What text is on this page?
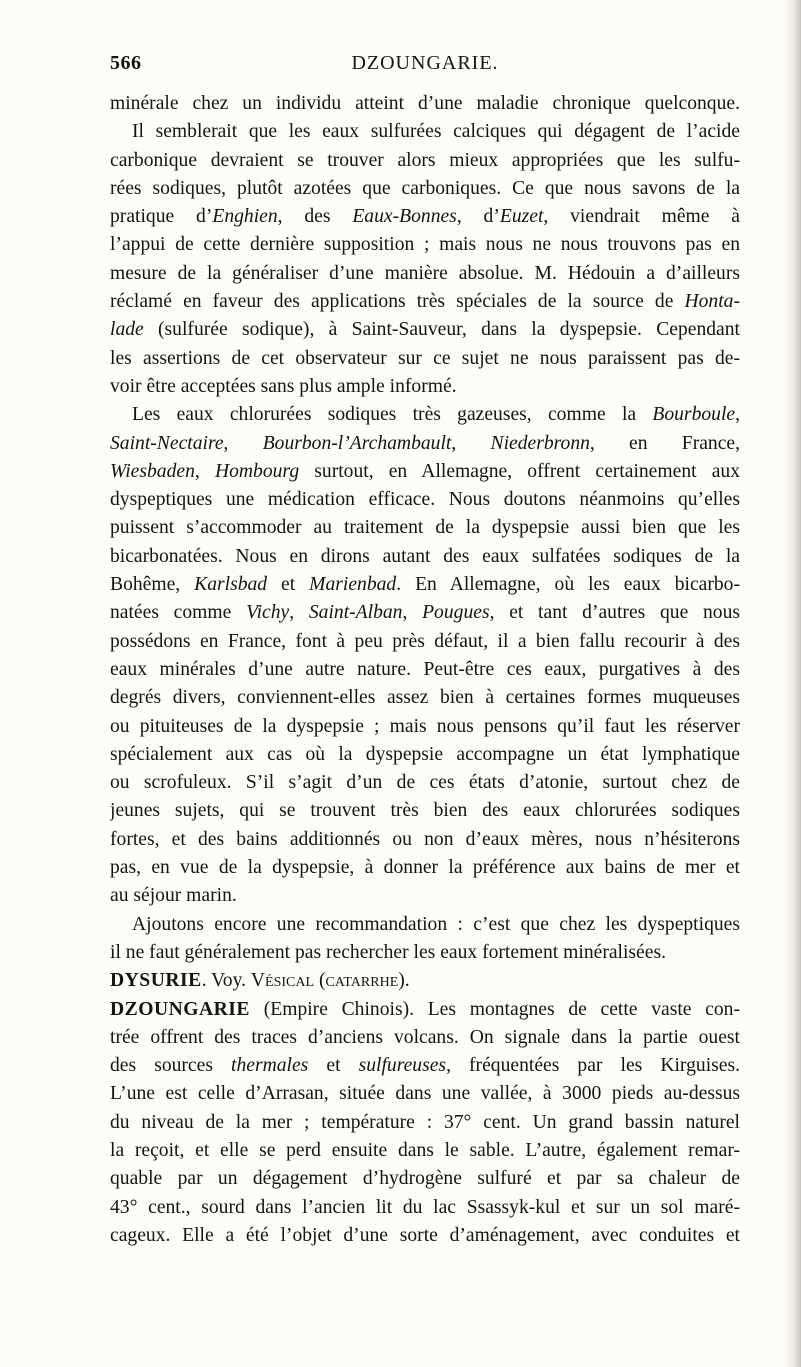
566	DZOUNGARIE.
minérale chez un individu atteint d’une maladie chronique quelconque.
Il semblerait que les eaux sulfurées calciques qui dégagent de l’acide
carbonique devraient se trouver alors mieux appropriées que les sulfu-
rées sodiques, plutôt azotées que carboniques. Ce que nous savons de la
pratique d’Enghien, des Eaux-Bonnes, d’Euzet, viendrait même à
l’appui de cette dernière supposition ; mais nous ne nous trouvons pas en
mesure de la généraliser d’une manière absolue. M. Hédouin a d’ailleurs
réclamé en faveur des applications très spéciales de la source de Honta-
lade (sulfurée sodique), à Saint-Sauveur, dans la dyspepsie. Cependant
les assertions de cet observateur sur ce sujet ne nous paraissent pas de-
voir être acceptées sans plus ample informé.
Les eaux chlorurées sodiques très gazeuses, comme la Bourboule,
Saint-Nectaire, Bourbon-l’Archambault, Niederbronn, en France,
Wiesbaden, Hombourg surtout, en Allemagne, offrent certainement aux
dyspeptiques une médication efficace. Nous doutons néanmoins qu’elles
puissent s’accommoder au traitement de la dyspepsie aussi bien que les
bicarbonatées. Nous en dirons autant des eaux sulfatées sodiques de la
Bohême, Karlsbad et Marienbad. En Allemagne, où les eaux bicarbo-
natées comme Vichy, Saint-Alban, Pougues, et tant d’autres que nous
possédons en France, font à peu près défaut, il a bien fallu recourir à des
eaux minérales d’une autre nature. Peut-être ces eaux, purgatives à des
degrés divers, conviennent-elles assez bien à certaines formes muqueuses
ou pituiteuses de la dyspepsie ; mais nous pensons qu’il faut les réserver
spécialement aux cas où la dyspepsie accompagne un état lymphatique
ou scrofuleux. S’il s’agit d’un de ces états d’atonie, surtout chez de
jeunes sujets, qui se trouvent très bien des eaux chlorurées sodiques
fortes, et des bains additionnés ou non d’eaux mères, nous n’hésiterons
pas, en vue de la dyspepsie, à donner la préférence aux bains de mer et
au séjour marin.
Ajoutons encore une recommandation : c’est que chez les dyspeptiques
il ne faut généralement pas rechercher les eaux fortement minéralisées.
DYSURIE. Voy. Vésical (catarrhe).
DZOUNGARIE (Empire Chinois). Les montagnes de cette vaste con-
trée offrent des traces d’anciens volcans. On signale dans la partie ouest
des sources thermales et sulfureuses, fréquentées par les Kirguises.
L’une est celle d’Arrasan, située dans une vallée, à 3000 pieds au-dessus
du niveau de la mer ; température : 37° cent. Un grand bassin naturel
la reçoit, et elle se perd ensuite dans le sable. L’autre, également remar-
quable par un dégagement d’hydrogène sulfuré et par sa chaleur de
43° cent., sourd dans l’ancien lit du lac Ssassyk-kul et sur un sol maré-
cageux. Elle a été l’objet d’une sorte d’aménagement, avec conduites et
